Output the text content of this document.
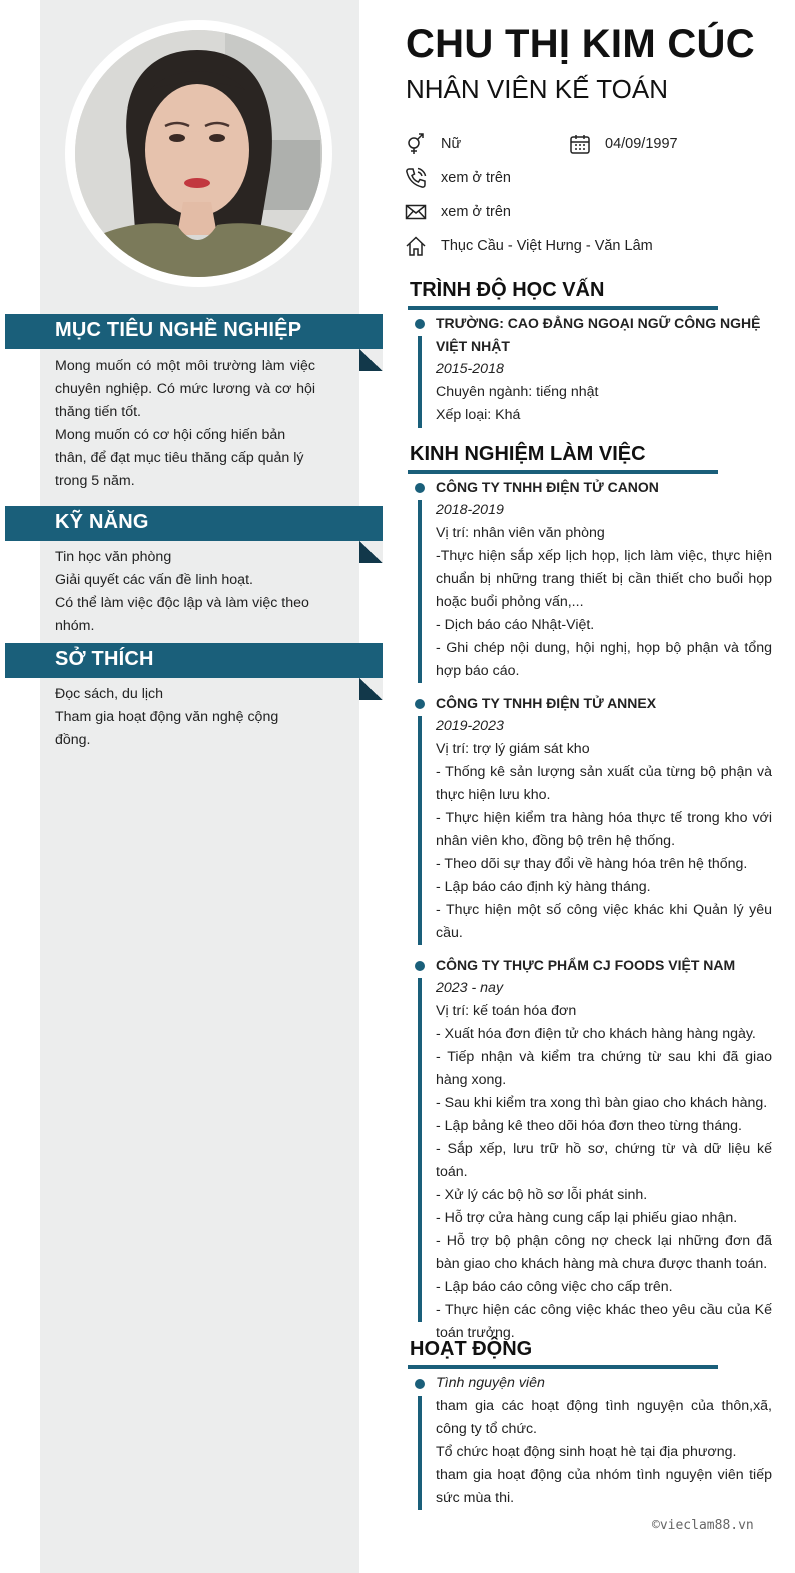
MỤC TIÊU NGHỀ NGHIỆP
Mong muốn có một môi trường làm việc chuyên nghiệp. Có mức lương và cơ hội thăng tiến tốt.
Mong muốn có cơ hội cống hiến bản thân, để đạt mục tiêu thăng cấp quản lý trong 5 năm.
KỸ NĂNG
Tin học văn phòng
Giải quyết các vấn đề linh hoạt.
Có thể làm việc độc lập và làm việc theo nhóm.
SỞ THÍCH
Đọc sách, du lịch
Tham gia hoạt động văn nghệ cộng đồng.
CHU THỊ KIM CÚC
NHÂN VIÊN KẾ TOÁN
Nữ	04/09/1997
xem ở trên
xem ở trên
Thục Cầu - Việt Hưng - Văn Lâm
TRÌNH ĐỘ HỌC VẤN
TRƯỜNG: CAO ĐẲNG NGOẠI NGỮ CÔNG NGHỆ VIỆT NHẬT
2015-2018
Chuyên ngành: tiếng nhật
Xếp loại: Khá
KINH NGHIỆM LÀM VIỆC
CÔNG TY TNHH ĐIỆN TỬ CANON
2018-2019
Vị trí: nhân viên văn phòng
-Thực hiện sắp xếp lịch họp, lịch làm việc, thực hiện chuẩn bị những trang thiết bị cần thiết cho buổi họp hoặc buổi phỏng vấn,...
- Dịch báo cáo Nhật-Việt.
- Ghi chép nội dung, hội nghị, họp bộ phận và tổng hợp báo cáo.
CÔNG TY TNHH ĐIỆN TỬ ANNEX
2019-2023
Vị trí: trợ lý giám sát kho
- Thống kê sản lượng sản xuất của từng bộ phận và thực hiện lưu kho.
- Thực hiện kiểm tra hàng hóa thực tế trong kho với nhân viên kho, đồng bộ trên hệ thống.
- Theo dõi sự thay đổi về hàng hóa trên hệ thống.
- Lập báo cáo định kỳ hàng tháng.
- Thực hiện một số công việc khác khi Quản lý yêu cầu.
CÔNG TY THỰC PHẨM CJ FOODS VIỆT NAM
2023 - nay
Vị trí: kế toán hóa đơn
- Xuất hóa đơn điện tử cho khách hàng hàng ngày.
- Tiếp nhận và kiểm tra chứng từ sau khi đã giao hàng xong.
- Sau khi kiểm tra xong thì bàn giao cho khách hàng.
- Lập bảng kê theo dõi hóa đơn theo từng tháng.
- Sắp xếp, lưu trữ hồ sơ, chứng từ và dữ liệu kế toán.
- Xử lý các bộ hồ sơ lỗi phát sinh.
- Hỗ trợ cửa hàng cung cấp lại phiếu giao nhận.
- Hỗ trợ bộ phận công nợ check lại những đơn đã bàn giao cho khách hàng mà chưa được thanh toán.
- Lập báo cáo công việc cho cấp trên.
- Thực hiện các công việc khác theo yêu cầu của Kế toán trưởng.
HOẠT ĐỘNG
Tình nguyện viên
tham gia các hoạt động tình nguyện của thôn,xã, công ty tổ chức.
Tổ chức hoạt động sinh hoạt hè tại địa phương.
tham gia hoạt động của nhóm tình nguyện viên tiếp sức mùa thi.
©vieclam88.vn
